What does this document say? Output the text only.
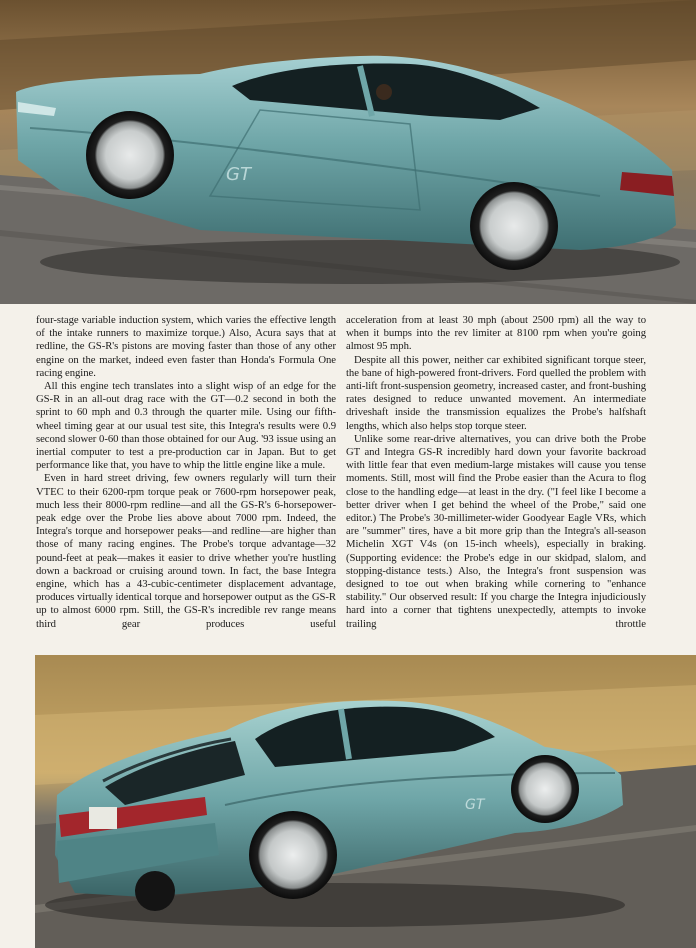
GT

four-stage variable induction system, which varies the effective length of the intake runners to maximize torque.) Also, Acura says that at redline, the GS-R's pistons are moving faster than those of any other engine on the market, indeed even faster than Honda's Formula One racing engine.

All this engine tech translates into a slight wisp of an edge for the GS-R in an all-out drag race with the GT—0.2 second in both the sprint to 60 mph and 0.3 through the quarter mile. Using our fifth-wheel timing gear at our usual test site, this Integra's results were 0.9 second slower 0-60 than those obtained for our Aug. '93 issue using an inertial computer to test a pre-production car in Japan. But to get performance like that, you have to whip the little engine like a mule.

Even in hard street driving, few owners regularly will turn their VTEC to their 6200-rpm torque peak or 7600-rpm horsepower peak, much less their 8000-rpm redline—and all the GS-R's 6-horsepower-peak edge over the Probe lies above about 7000 rpm. Indeed, the Integra's torque and horsepower peaks—and redline—are higher than those of many racing engines. The Probe's torque advantage—32 pound-feet at peak—makes it easier to drive whether you're hustling down a backroad or cruising around town. In fact, the base Integra engine, which has a 43-cubic-centimeter displacement advantage, produces virtually identical torque and horsepower output as the GS-R up to almost 6000 rpm. Still, the GS-R's incredible rev range means third gear produces useful

acceleration from at least 30 mph (about 2500 rpm) all the way to when it bumps into the rev limiter at 8100 rpm when you're going almost 95 mph.

Despite all this power, neither car exhibited significant torque steer, the bane of high-powered front-drivers. Ford quelled the problem with anti-lift front-suspension geometry, increased caster, and front-bushing rates designed to reduce unwanted movement. An intermediate driveshaft inside the transmission equalizes the Probe's halfshaft lengths, which also helps stop torque steer.

Unlike some rear-drive alternatives, you can drive both the Probe GT and Integra GS-R incredibly hard down your favorite backroad with little fear that even medium-large mistakes will cause you tense moments. Still, most will find the Probe easier than the Acura to flog close to the handling edge—at least in the dry. ("I feel like I become a better driver when I get behind the wheel of the Probe," said one editor.) The Probe's 30-millimeter-wider Goodyear Eagle VRs, which are "summer" tires, have a bit more grip than the Integra's all-season Michelin XGT V4s (on 15-inch wheels), especially in braking. (Supporting evidence: the Probe's edge in our skidpad, slalom, and stopping-distance tests.) Also, the Integra's front suspension was designed to toe out when braking while cornering to "enhance stability." Our observed result: If you charge the Integra injudiciously hard into a corner that tightens unexpectedly, attempts to invoke trailing throttle

GT
